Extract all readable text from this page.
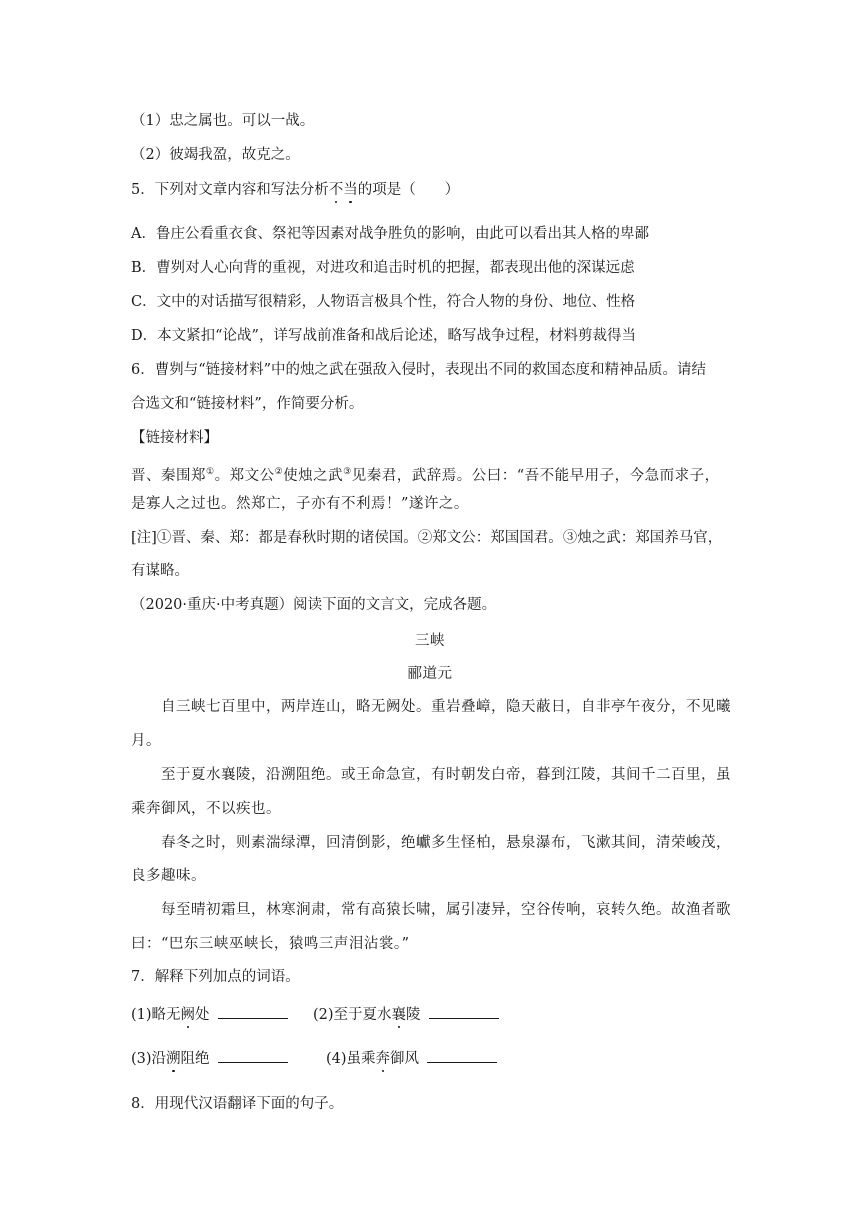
（1）忠之属也。可以一战。
（2）彼竭我盈，故克之。
5．下列对文章内容和写法分析不当的项是（　　）
A．鲁庄公看重衣食、祭祀等因素对战争胜负的影响，由此可以看出其人格的卑鄙
B．曹刿对人心向背的重视，对进攻和追击时机的把握，都表现出他的深谋远虑
C．文中的对话描写很精彩，人物语言极具个性，符合人物的身份、地位、性格
D．本文紧扣“论战”，详写战前准备和战后论述，略写战争过程，材料剪裁得当
6．曹刿与“链接材料”中的烛之武在强敌入侵时，表现出不同的救国态度和精神品质。请结
合选文和“链接材料”，作简要分析。
【链接材料】
晋、秦围郑①。郑文公②使烛之武③见秦君，武辞焉。公曰：“吾不能早用子，今急而求子，
是寡人之过也。然郑亡，子亦有不利焉！”遂许之。
[注]①晋、秦、郑：都是春秋时期的诸侯国。②郑文公：郑国国君。③烛之武：郑国养马官，
有谋略。
（2020·重庆·中考真题）阅读下面的文言文，完成各题。
三峡
郦道元
自三峡七百里中，两岸连山，略无阙处。重岩叠嶂，隐天蔽日，自非亭午夜分，不见曦
月。
至于夏水襄陵，沿溯阻绝。或王命急宣，有时朝发白帝，暮到江陵，其间千二百里，虽
乘奔御风，不以疾也。
春冬之时，则素湍绿潭，回清倒影，绝巘多生怪柏，悬泉瀑布，飞漱其间，清荣峻茂，
良多趣味。
每至晴初霜旦，林寒涧肃，常有高猿长啸，属引凄异，空谷传响，哀转久绝。故渔者歌
曰：“巴东三峡巫峡长，猿鸣三声泪沾裳。”
7．解释下列加点的词语。
(1)略无阙处	(2)至于夏水襄陵
(3)沿溯阻绝	(4)虽乘奔御风
8．用现代汉语翻译下面的句子。
